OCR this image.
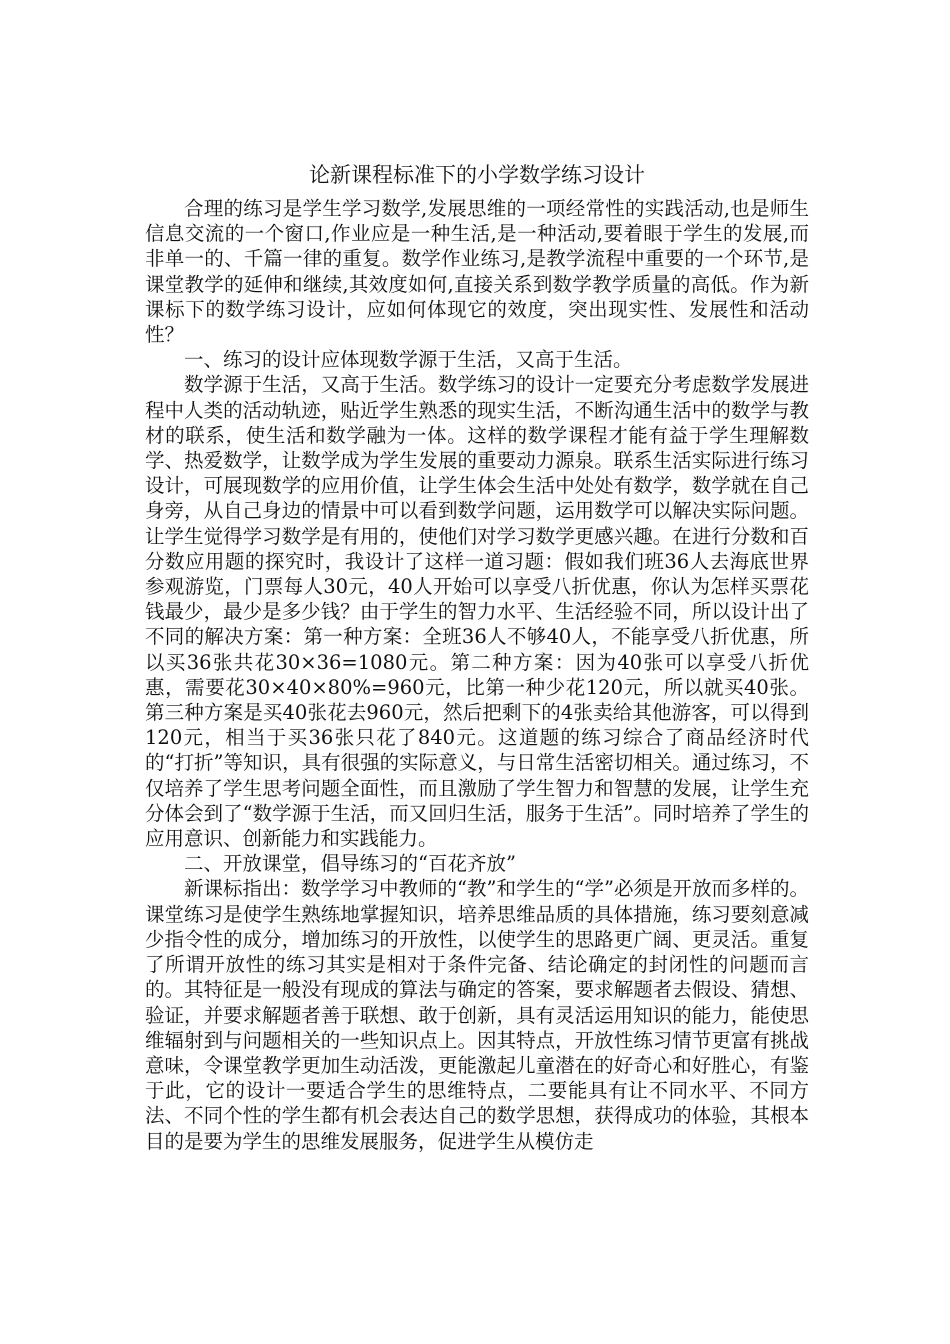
论新课程标准下的小学数学练习设计

合理的练习是学生学习数学,发展思维的一项经常性的实践活动,也是师生信息交流的一个窗口,作业应是一种生活,是一种活动,要着眼于学生的发展,而非单一的、千篇一律的重复。数学作业练习,是教学流程中重要的一个环节,是课堂教学的延伸和继续,其效度如何,直接关系到数学教学质量的高低。作为新课标下的数学练习设计，应如何体现它的效度，突出现实性、发展性和活动性？

一、练习的设计应体现数学源于生活，又高于生活。

数学源于生活，又高于生活。数学练习的设计一定要充分考虑数学发展进程中人类的活动轨迹，贴近学生熟悉的现实生活，不断沟通生活中的数学与教材的联系，使生活和数学融为一体。这样的数学课程才能有益于学生理解数学、热爱数学，让数学成为学生发展的重要动力源泉。联系生活实际进行练习设计，可展现数学的应用价值，让学生体会生活中处处有数学，数学就在自己身旁，从自己身边的情景中可以看到数学问题，运用数学可以解决实际问题。让学生觉得学习数学是有用的，使他们对学习数学更感兴趣。在进行分数和百分数应用题的探究时，我设计了这样一道习题：假如我们班36人去海底世界参观游览，门票每人30元，40人开始可以享受八折优惠，你认为怎样买票花钱最少，最少是多少钱？由于学生的智力水平、生活经验不同，所以设计出了不同的解决方案：第一种方案：全班36人不够40人，不能享受八折优惠，所以买36张共花30×36=1080元。第二种方案：因为40张可以享受八折优惠，需要花30×40×80%=960元，比第一种少花120元，所以就买40张。第三种方案是买40张花去960元，然后把剩下的4张卖给其他游客，可以得到120元，相当于买36张只花了840元。这道题的练习综合了商品经济时代的“打折”等知识，具有很强的实际意义，与日常生活密切相关。通过练习，不仅培养了学生思考问题全面性，而且激励了学生智力和智慧的发展，让学生充分体会到了“数学源于生活，而又回归生活，服务于生活”。同时培养了学生的应用意识、创新能力和实践能力。

二、开放课堂，倡导练习的“百花齐放”

新课标指出：数学学习中教师的“教”和学生的“学”必须是开放而多样的。课堂练习是使学生熟练地掌握知识，培养思维品质的具体措施，练习要刻意减少指令性的成分，增加练习的开放性，以使学生的思路更广阔、更灵活。重复了所谓开放性的练习其实是相对于条件完备、结论确定的封闭性的问题而言的。其特征是一般没有现成的算法与确定的答案，要求解题者去假设、猜想、验证，并要求解题者善于联想、敢于创新，具有灵活运用知识的能力，能使思维辐射到与问题相关的一些知识点上。因其特点，开放性练习情节更富有挑战意味，令课堂教学更加生动活泼，更能激起儿童潜在的好奇心和好胜心，有鉴于此，它的设计一要适合学生的思维特点，二要能具有让不同水平、不同方法、不同个性的学生都有机会表达自己的数学思想，获得成功的体验，其根本目的是要为学生的思维发展服务，促进学生从模仿走
